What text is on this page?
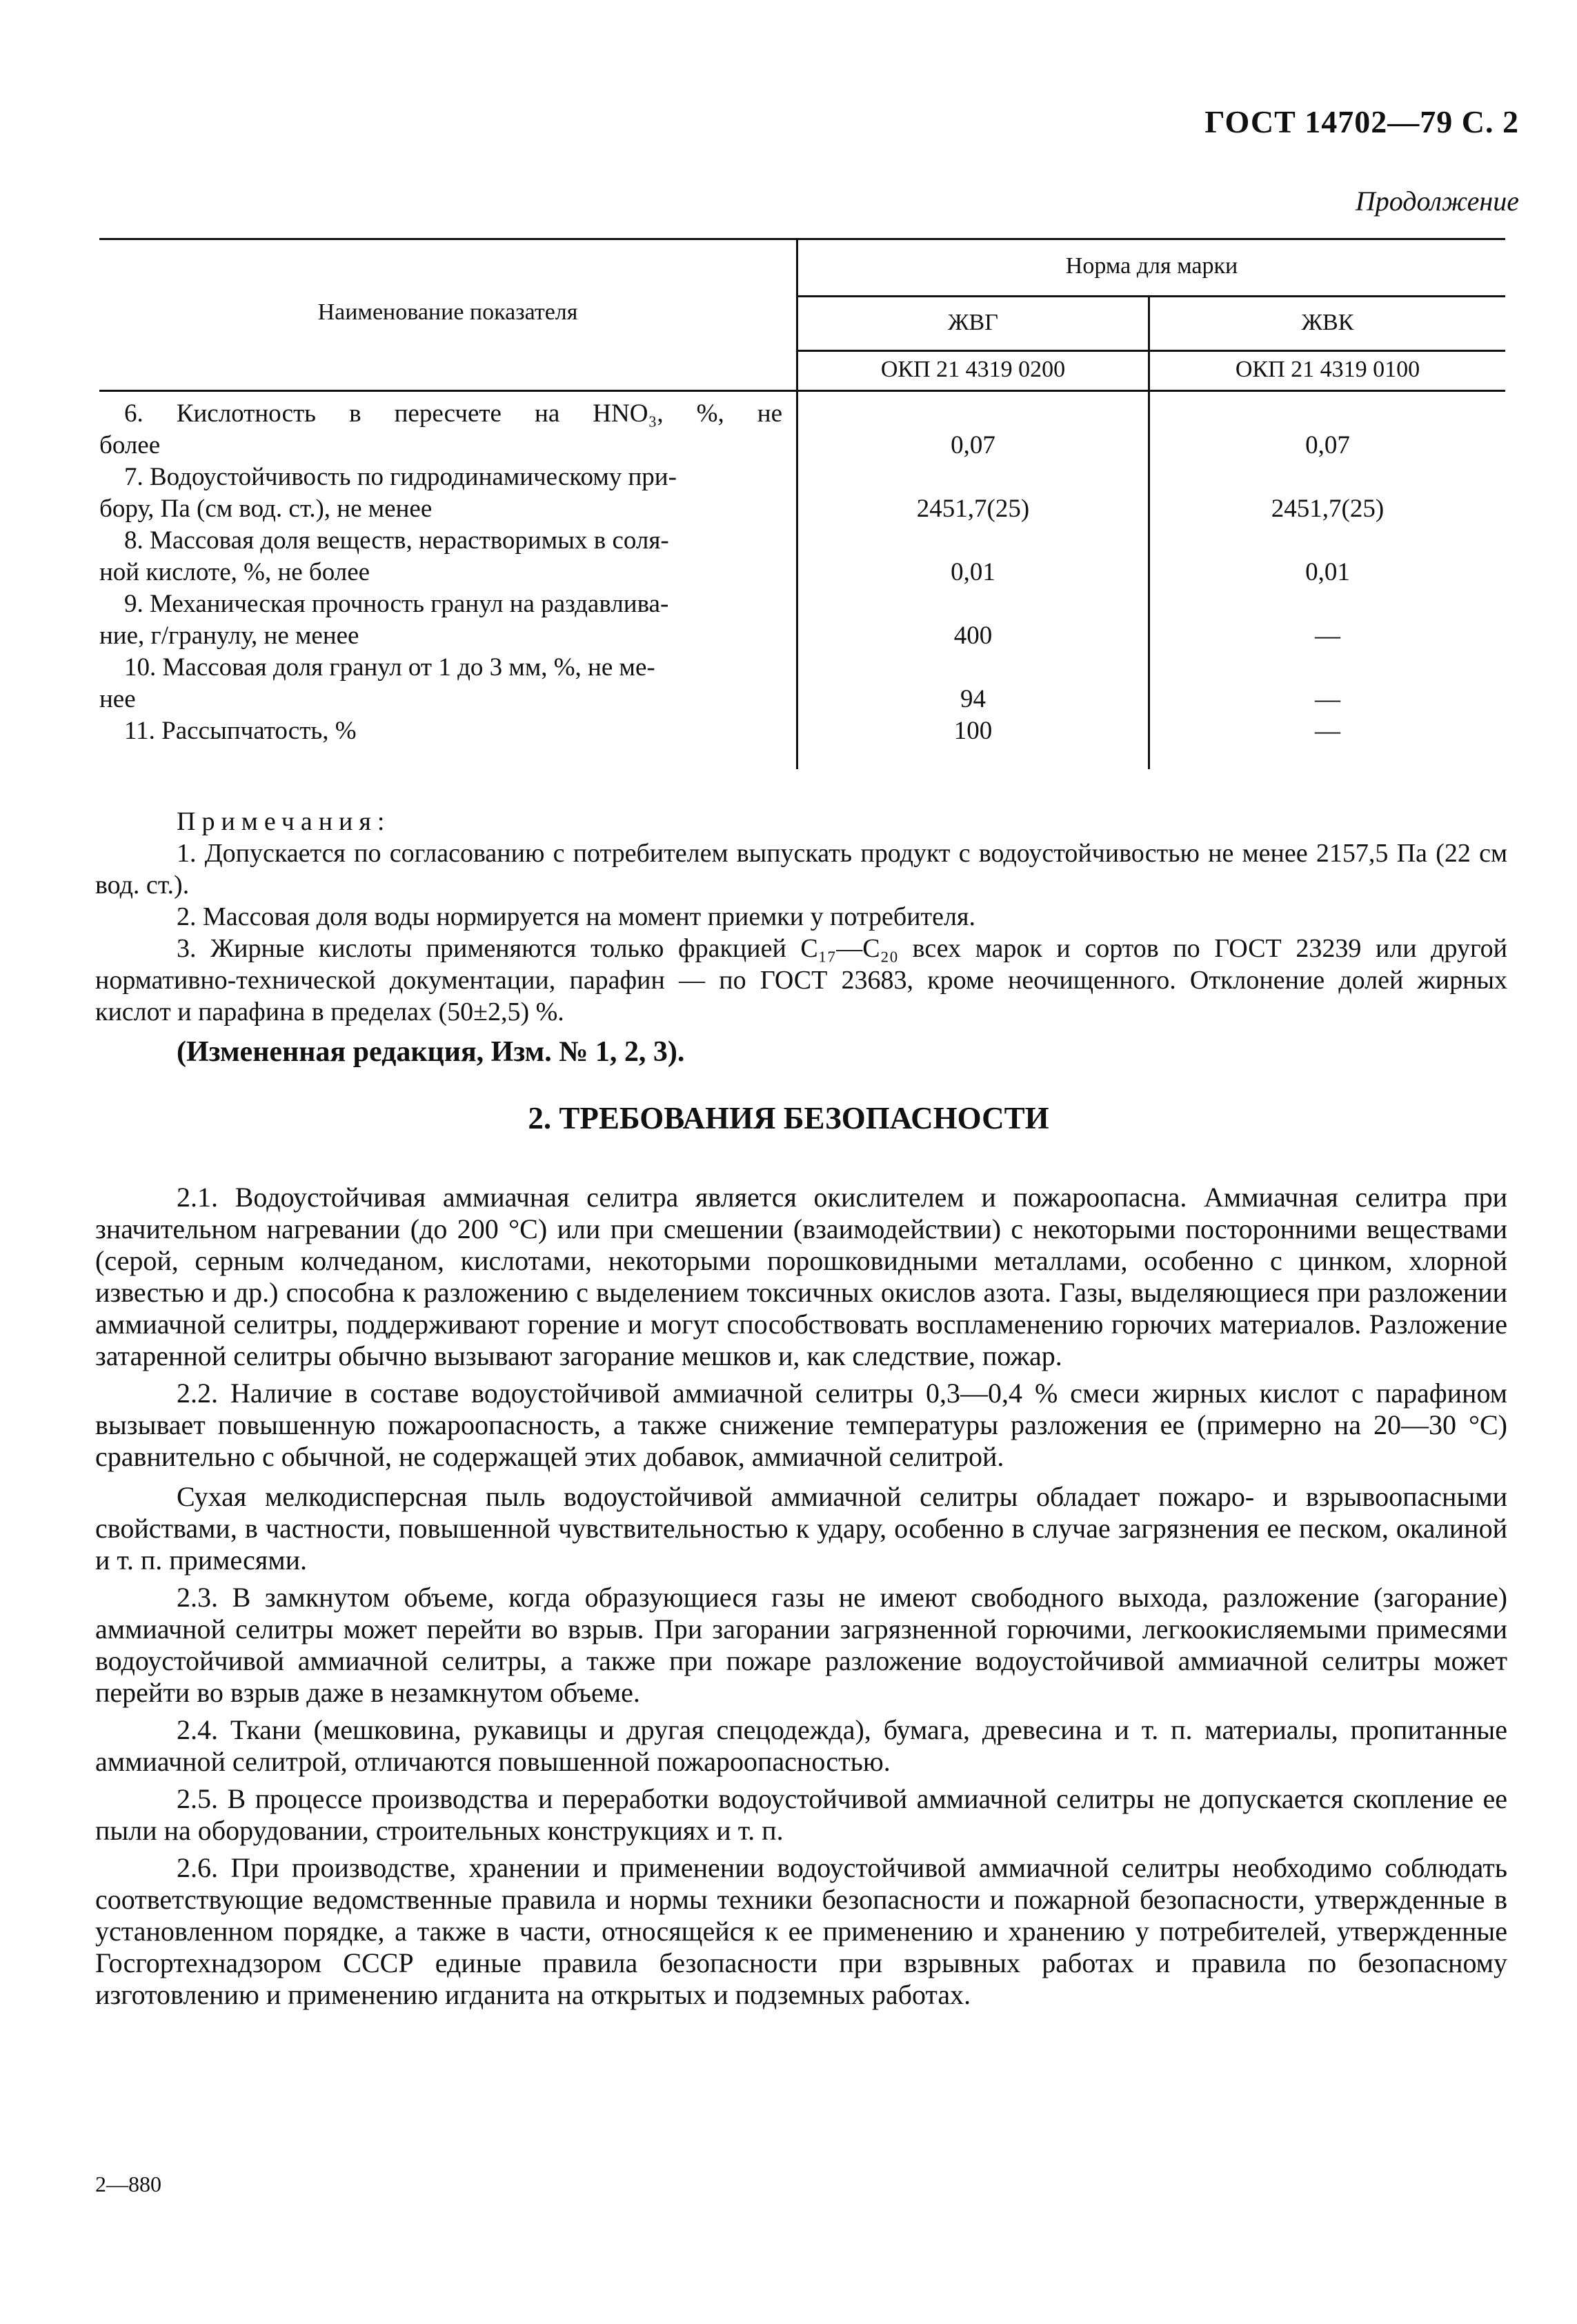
ГОСТ 14702—79 С. 2
Продолжение
Наименование показателя
Норма для марки
ЖВГ	ЖВК
ОКП 21 4319 0200	ОКП 21 4319 0100
6. Кислотность в пересчете на HNO₃, %, не
более	0,07	0,07
7. Водоустойчивость по гидродинамическому при-
бору, Па (см вод. ст.), не менее	2451,7(25)	2451,7(25)
8. Массовая доля веществ, нерастворимых в соля-
ной кислоте, %, не более	0,01	0,01
9. Механическая прочность гранул на раздавлива-
ние, г/гранулу, не менее	400	—
10. Массовая доля гранул от 1 до 3 мм, %, не ме-
нее	94	—
11. Рассыпчатость, %	100	—

Примечания:

1. Допускается по согласованию с потребителем выпускать продукт с водоустойчивостью не менее 2157,5 Па (22 см вод. ст.).

2. Массовая доля воды нормируется на момент приемки у потребителя.

3. Жирные кислоты применяются только фракцией C₁₇—C₂₀ всех марок и сортов по ГОСТ 23239 или другой нормативно-технической документации, парафин — по ГОСТ 23683, кроме неочищенного. Отклонение долей жирных кислот и парафина в пределах (50±2,5) %.

(Измененная редакция, Изм. № 1, 2, 3).

2. ТРЕБОВАНИЯ БЕЗОПАСНОСТИ

2.1. Водоустойчивая аммиачная селитра является окислителем и пожароопасна. Аммиачная селитра при значительном нагревании (до 200 °С) или при смешении (взаимодействии) с некоторыми посторонними веществами (серой, серным колчеданом, кислотами, некоторыми порошковидными металлами, особенно с цинком, хлорной известью и др.) способна к разложению с выделением токсичных окислов азота. Газы, выделяющиеся при разложении аммиачной селитры, поддерживают горение и могут способствовать воспламенению горючих материалов. Разложение затаренной селитры обычно вызывают загорание мешков и, как следствие, пожар.

2.2. Наличие в составе водоустойчивой аммиачной селитры 0,3—0,4 % смеси жирных кислот с парафином вызывает повышенную пожароопасность, а также снижение температуры разложения ее (примерно на 20—30 °С) сравнительно с обычной, не содержащей этих добавок, аммиачной селитрой.

Сухая мелкодисперсная пыль водоустойчивой аммиачной селитры обладает пожаро- и взрывоопасными свойствами, в частности, повышенной чувствительностью к удару, особенно в случае загрязнения ее песком, окалиной и т. п. примесями.

2.3. В замкнутом объеме, когда образующиеся газы не имеют свободного выхода, разложение (загорание) аммиачной селитры может перейти во взрыв. При загорании загрязненной горючими, легкоокисляемыми примесями водоустойчивой аммиачной селитры, а также при пожаре разложение водоустойчивой аммиачной селитры может перейти во взрыв даже в незамкнутом объеме.

2.4. Ткани (мешковина, рукавицы и другая спецодежда), бумага, древесина и т. п. материалы, пропитанные аммиачной селитрой, отличаются повышенной пожароопасностью.

2.5. В процессе производства и переработки водоустойчивой аммиачной селитры не допускается скопление ее пыли на оборудовании, строительных конструкциях и т. п.

2.6. При производстве, хранении и применении водоустойчивой аммиачной селитры необходимо соблюдать соответствующие ведомственные правила и нормы техники безопасности и пожарной безопасности, утвержденные в установленном порядке, а также в части, относящейся к ее применению и хранению у потребителей, утвержденные Госгортехнадзором СССР единые правила безопасности при взрывных работах и правила по безопасному изготовлению и применению игданита на открытых и подземных работах.

2—880
